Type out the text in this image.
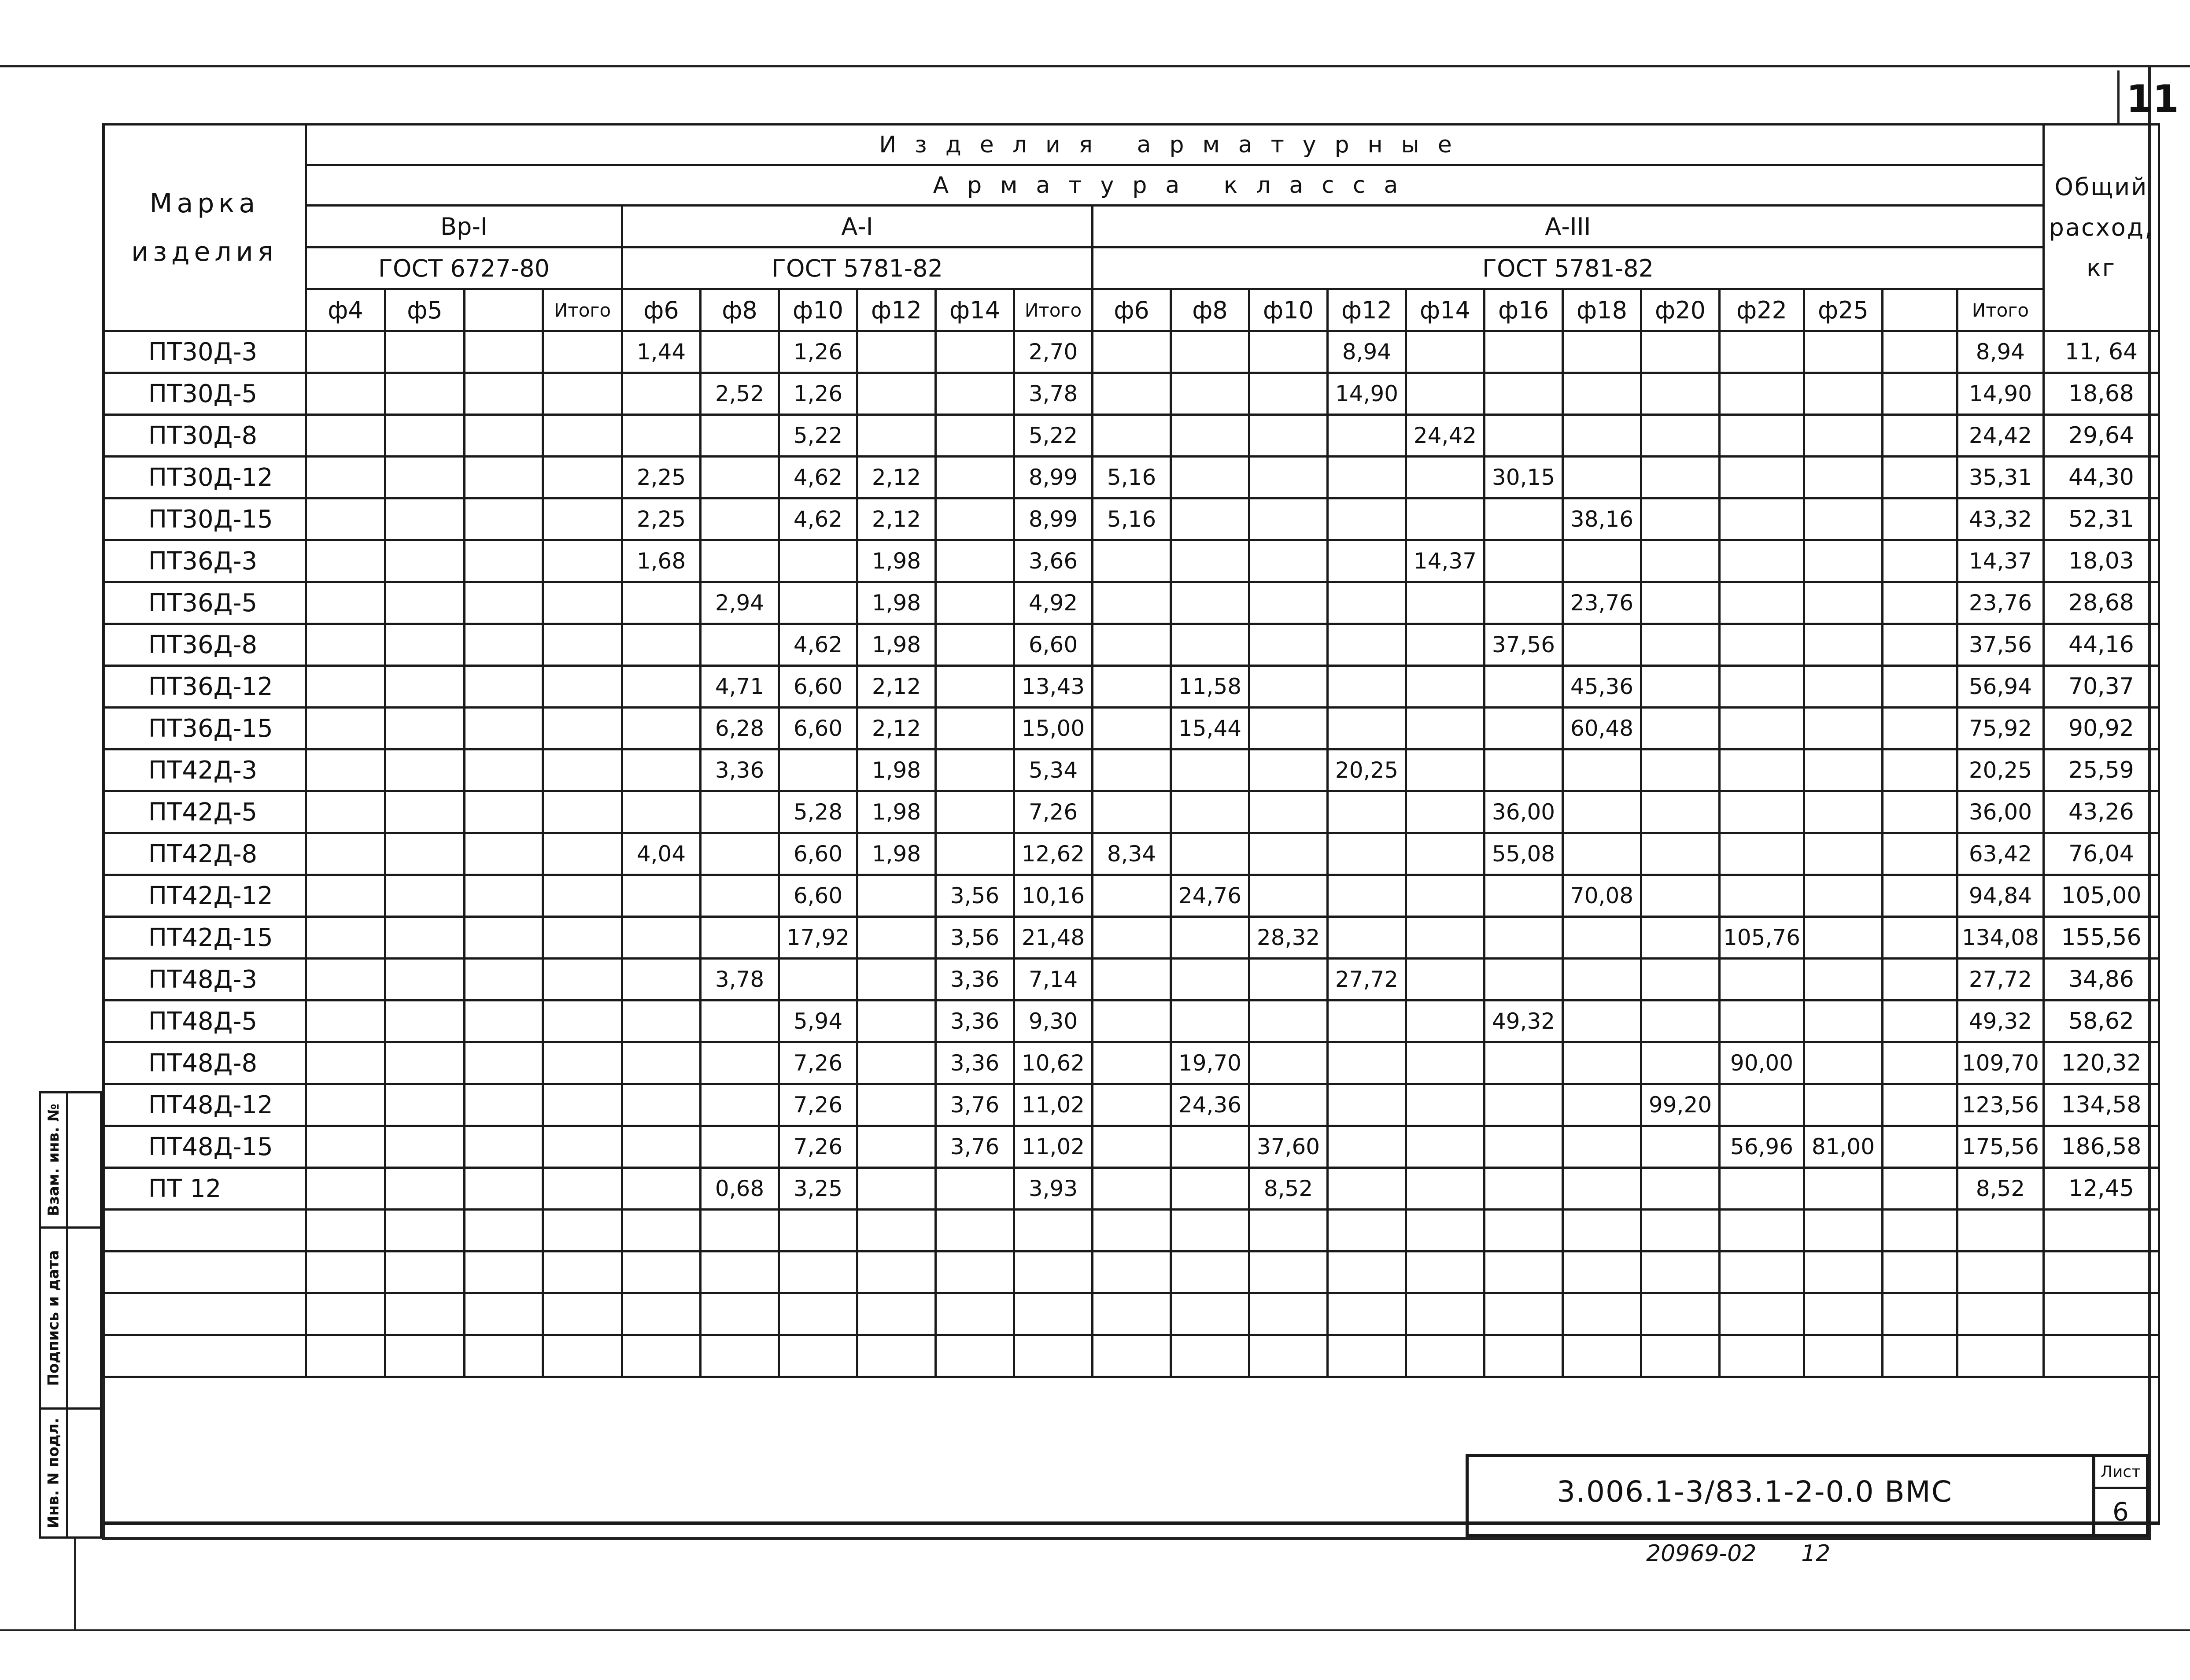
11
Марка
изделия	Изделия арматурные																						Общий
расход,
кг
	Арматура класса																						
	Вр-I				А-I						А-III												
	ГОСТ 6727-80				ГОСТ 5781-82						ГОСТ 5781-82												
	ф4	ф5		Итого	ф6	ф8	ф10	ф12	ф14	Итого	ф6	ф8	ф10	ф12	ф14	ф16	ф18	ф20	ф22	ф25		Итого	
ПТ30Д-3					1,44		1,26			2,70				8,94								8,94	11, 64
ПТ30Д-5						2,52	1,26			3,78				14,90								14,90	18,68
ПТ30Д-8							5,22			5,22					24,42							24,42	29,64
ПТ30Д-12					2,25		4,62	2,12		8,99	5,16					30,15						35,31	44,30
ПТ30Д-15					2,25		4,62	2,12		8,99	5,16						38,16					43,32	52,31
ПТ36Д-3					1,68			1,98		3,66					14,37							14,37	18,03
ПТ36Д-5						2,94		1,98		4,92							23,76					23,76	28,68
ПТ36Д-8							4,62	1,98		6,60						37,56						37,56	44,16
ПТ36Д-12						4,71	6,60	2,12		13,43		11,58					45,36					56,94	70,37
ПТ36Д-15						6,28	6,60	2,12		15,00		15,44					60,48					75,92	90,92
ПТ42Д-3						3,36		1,98		5,34				20,25								20,25	25,59
ПТ42Д-5							5,28	1,98		7,26						36,00						36,00	43,26
ПТ42Д-8					4,04		6,60	1,98		12,62	8,34					55,08						63,42	76,04
ПТ42Д-12							6,60		3,56	10,16		24,76					70,08					94,84	105,00
ПТ42Д-15							17,92		3,56	21,48			28,32						105,76			134,08	155,56
ПТ48Д-3						3,78			3,36	7,14				27,72								27,72	34,86
ПТ48Д-5							5,94		3,36	9,30						49,32						49,32	58,62
ПТ48Д-8							7,26		3,36	10,62		19,70							90,00			109,70	120,32
ПТ48Д-12							7,26		3,76	11,02		24,36						99,20				123,56	134,58
ПТ48Д-15							7,26		3,76	11,02			37,60						56,96	81,00		175,56	186,58
ПТ 12						0,68	3,25			3,93			8,52									8,52	12,45

Взам. инв. №
Подпись и дата
Инв. N подл.	3.006.1-3/83.1-2-0.0 ВМС
Лист
6
20969-02 12
